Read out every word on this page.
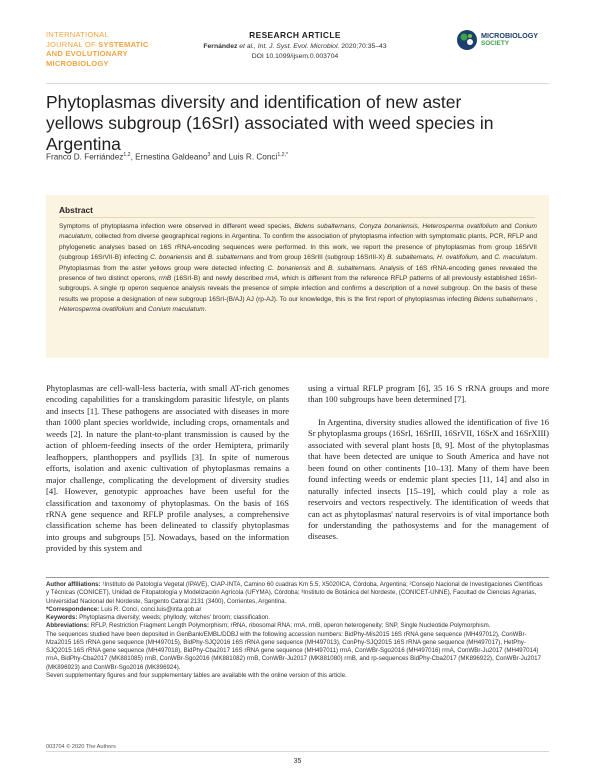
INTERNATIONAL
JOURNAL OF SYSTEMATIC
AND EVOLUTIONARY
MICROBIOLOGY
RESEARCH ARTICLE
Fernández et al., Int. J. Syst. Evol. Microbiol. 2020;70:35–43
DOI 10.1099/ijsem.0.003704
MICROBIOLOGY
SOCIETY
Phytoplasmas diversity and identification of new aster yellows subgroup (16SrI) associated with weed species in Argentina
Franco D. Ferriández$^{1,2}$, Ernestina Galdeano$^3$ and Luis R. Conci$^{1,2,*}$
Abstract
Symptoms of phytoplasma infection were observed in different weed species, Bidens subalternans, Conyza bonariensis, Heterosperma ovatifolium and Conium maculatum, collected from diverse geographical regions in Argentina. To confirm the association of phytoplasma infection with symptomatic plants, PCR, RFLP and phylogenetic analyses based on 16S rRNA-encoding sequences were performed. In this work, we report the presence of phytoplasmas from group 16SrVII (subgroup 16SrVII-B) infecting C. bonariensis and B. subalternans and from group 16SrIII (subgroup 16SrIII-X) B. subalternans, H. ovatifolium, and C. maculatum. Phytoplasmas from the aster yellows group were detected infecting C. bonariensis and B. subalternans. Analysis of 16S rRNA-encoding genes revealed the presence of two distinct operons, rrnB (16SrI-B) and newly described rrnA, which is different from the reference RFLP patterns of all previously established 16SrI-subgroups. A single rp operon sequence analysis reveals the presence of simple infection and confirms a description of a novel subgroup. On the basis of these results we propose a designation of new subgroup 16SrI-(B/AJ) AJ (rp-AJ). To our knowledge, this is the first report of phytoplasmas infecting Bidens subalternans , Heterosperma ovatifolium and Conium maculatum.

Phytoplasmas are cell-wall-less bacteria, with small AT-rich genomes encoding capabilities for a transkingdom parasitic lifestyle, on plants and insects [1]. These pathogens are associated with diseases in more than 1000 plant species worldwide, including crops, ornamentals and weeds [2]. In nature the plant-to-plant transmission is caused by the action of phloem-feeding insects of the order Hemiptera, primarily leafhoppers, planthoppers and psyllids [3]. In spite of numerous efforts, isolation and axenic cultivation of phytoplasmas remains a major challenge, complicating the development of diversity studies [4]. However, genotypic approaches have been useful for the classification and taxonomy of phytoplasmas. On the basis of 16S rRNA gene sequence and RFLP profile analyses, a comprehensive classification scheme has been delineated to classify phytoplasmas into groups and subgroups [5]. Nowadays, based on the information provided by this system and

using a virtual RFLP program [6], 35 16 S rRNA groups and more than 100 subgroups have been determined [7].

In Argentina, diversity studies allowed the identification of five 16 Sr phytoplasma groups (16SrI, 16SrIII, 16SrVII, 16SrX and 16SrXIII) associated with several plant hosts [8, 9]. Most of the phytoplasmas that have been detected are unique to South America and have not been found on other continents [10–13]. Many of them have been found infecting weeds or endemic plant species [11, 14] and also in naturally infected insects [15–19], which could play a role as reservoirs and vectors respectively. The identification of weeds that can act as phytoplasmas' natural reservoirs is of vital importance both for understanding the pathosystems and for the management of diseases.

Author affiliations: ¹Instituto de Patología Vegetal (IPAVE), CIAP-INTA, Camino 60 cuadras Km 5.5, X5020ICA, Córdoba, Argentina; ²Consejo Nacional de Investigaciones Científicas y Técnicas (CONICET), Unidad de Fitopatología y Modelización Agrícola (UFYMA), Córdoba; ³Instituto de Botánica del Nordeste, (CONICET-UNNE), Facultad de Ciencias Agrarias, Universidad Nacional del Nordeste, Sargento Cabral 2131 (3400), Corrientes, Argentina.

*Correspondence: Luis R. Conci, conci.luis@inta.gob.ar

Keywords: Phytoplasma diversity; weeds; phyllody; witches' broom; classification.

Abbreviations: RFLP, Restriction Fragment Length Polymorphism; rRNA, ribosomal RNA; rrnA, rrnB, operon heterogeneity; SNP, Single Nucleotide Polymorphism.

The sequences studied have been deposited in GenBank/EMBL/DDBJ with the following accession numbers: BidPhy-Mis2015 16S rRNA gene sequence (MH497012), ConWBr-Mza2015 16S rRNA gene sequence (MH497015), BidPhy-SJQ2016 16S rRNA gene sequence (MH497013), ConPhy-SJQ2015 16S rRNA gene sequence (MH497017), HetPhy-SJQ2015 16S rRNA gene sequence (MH497018), BidPhy-Cba2017 16S rRNA gene sequence (MH497011) rrnA, ConWBr-Sgo2016 (MH497016) rrnA, ConWBr-Ju2017 (MH497014) rrnA, BidPhy-Cba2017 (MK881085) rrnB, ConWBr-Sgo2016 (MK881082) rrnB, ConWBr-Ju2017 (MK881080) rrnB, and rp-sequences BidPhy-Cba2017 (MK896922), ConWBr-Ju2017 (MK896923) and ConWBr-Sgo2016 (MK896924).

Seven supplementary figures and four supplementary tables are available with the online version of this article.

003704 © 2020 The Authors
35
